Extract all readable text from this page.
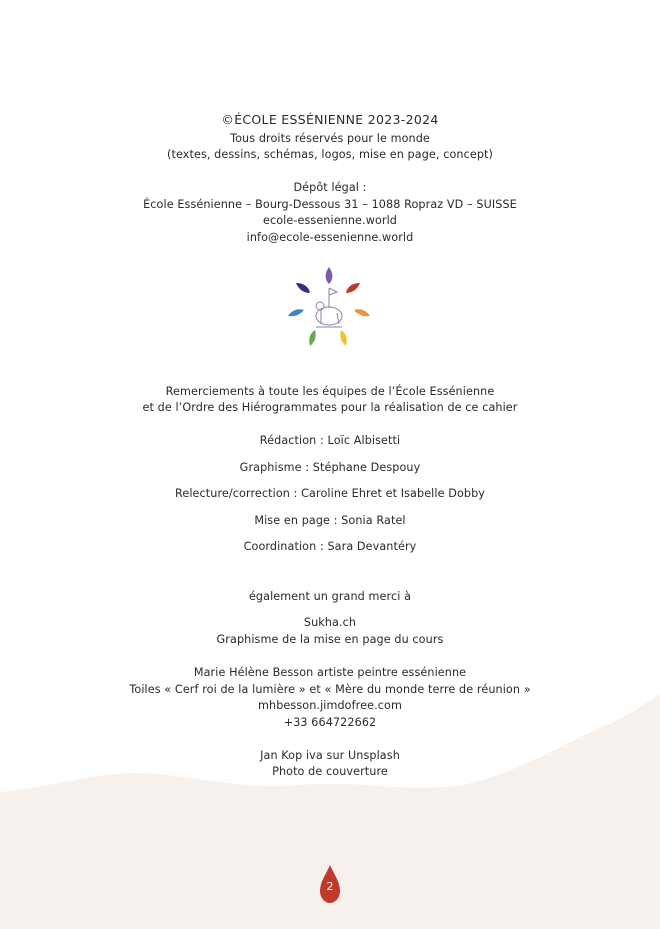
©ÉCOLE ESSÉNIENNE 2023-2024
Tous droits réservés pour le monde
(textes, dessins, schémas, logos, mise en page, concept)
Dépôt légal :
École Essénienne – Bourg-Dessous 31 – 1088 Ropraz VD – SUISSE
ecole-essenienne.world
info@ecole-essenienne.world
Remerciements à toute les équipes de l’École Essénienne
et de l’Ordre des Hiérogrammates pour la réalisation de ce cahier
Rédaction : Loïc Albisetti
Graphisme : Stéphane Despouy
Relecture/correction : Caroline Ehret et Isabelle Dobby
Mise en page : Sonia Ratel
Coordination : Sara Devantéry
également un grand merci à
Sukha.ch
Graphisme de la mise en page du cours
Marie Hélène Besson artiste peintre essénienne
Toiles « Cerf roi de la lumière » et « Mère du monde terre de réunion »
mhbesson.jimdofree.com
+33 664722662
Jan Kop iva sur Unsplash
Photo de couverture
2
